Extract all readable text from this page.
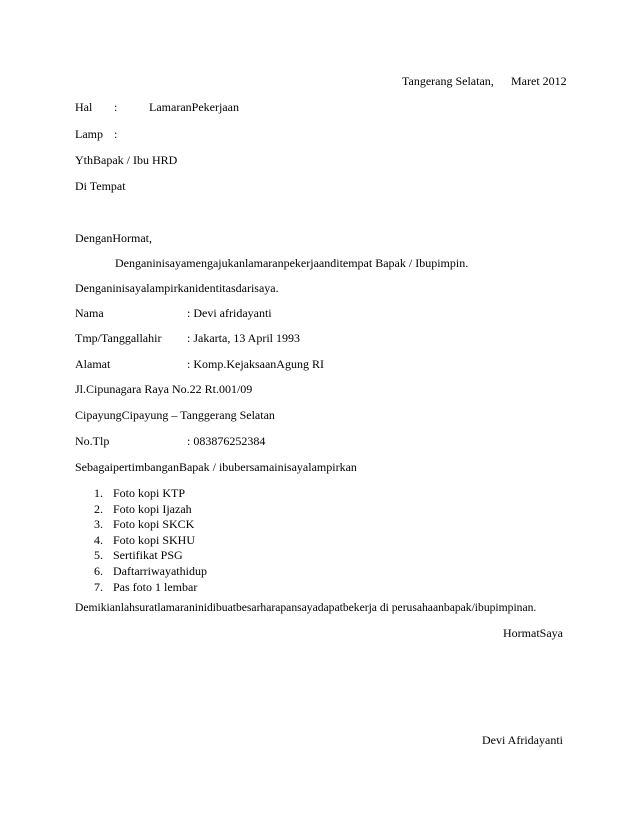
Tangerang Selatan, Maret 2012
Hal :	LamaranPekerjaan
Lamp :
YthBapak / Ibu HRD
Di Tempat
DenganHormat,
Denganinisayamengajukanlamaranpekerjaanditempat Bapak / Ibupimpin.
Denganinisayalampirkanidentitasdarisaya.
Nama	: Devi afridayanti
Tmp/Tanggallahir : Jakarta, 13 April 1993
Alamat	: Komp.KejaksaanAgung RI
Jl.Cipunagara Raya No.22 Rt.001/09
CipayungCipayung – Tanggerang Selatan
No.Tlp	: 083876252384
SebagaipertimbanganBapak / ibubersamainisayalampirkan
1. Foto kopi KTP
2. Foto kopi Ijazah
3. Foto kopi SKCK
4. Foto kopi SKHU
5. Sertifikat PSG
6. Daftarriwayathidup
7. Pas foto 1 lembar
Demikianlahsuratlamaraninidibuatbesarharapansayadapatbekerja di perusahaanbapak/ibupimpinan.
HormatSaya
Devi Afridayanti
